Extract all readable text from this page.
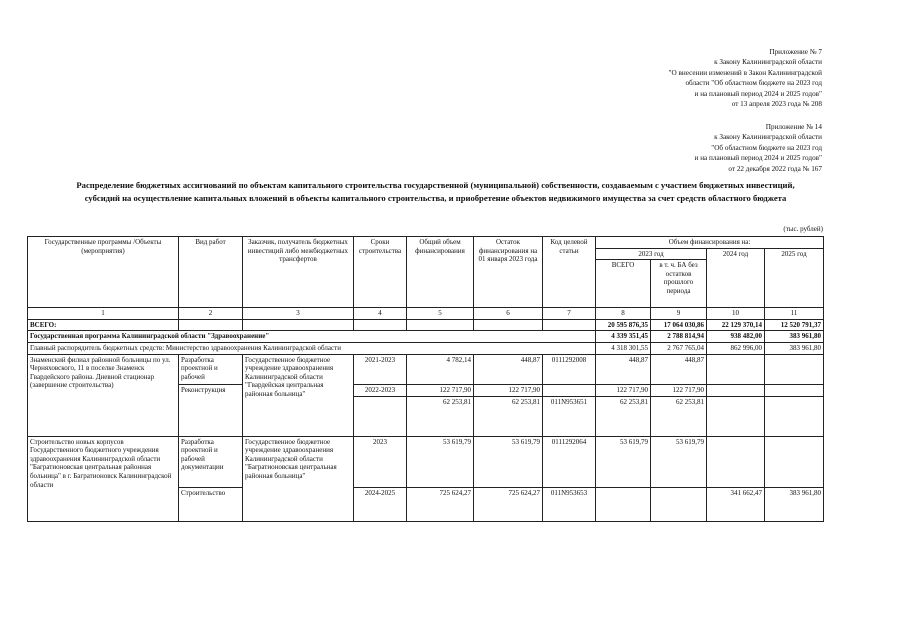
Приложение № 7
к Закону Калининградской области
"О внесении изменений в Закон Калининградской
области "Об областном бюджете на 2023 год
и на плановый период 2024 и 2025 годов"
от 13 апреля 2023 года № 208
Приложение № 14
к Закону Калининградской области
"Об областном бюджете на 2023 год
и на плановый период 2024 и 2025 годов"
от 22 декабря 2022 года № 167
Распределение бюджетных ассигнований по объектам капитального строительства государственной (муниципальной) собственности, создаваемым с участием бюджетных инвестиций,
субсидий на осуществление капитальных вложений в объекты капитального строительства, и приобретение объектов недвижимого имущества за счет средств областного бюджета
(тыс. рублей)
Государственные программы /Объекты (мероприятия)	Вид работ	Заказчик, получатель бюджетных инвестиций либо межбюджетных трансфертов	Сроки строительства	Общий объем финансирования	Остаток финансирования на 01 января 2023 года	Код целевой статьи	Объем финансирования на:			
							2023 год		2024 год	2025 год
							ВСЕГО	в т. ч. БА без остатков прошлого периода		
1	2	3	4	5	6	7	8	9	10	11
ВСЕГО:							20 595 876,35	17 064 030,86	22 129 370,14	12 520 791,37
Государственная программа Калининградской области "Здравоохранение"							4 339 351,45	2 788 814,94	938 482,00	383 961,80
Главный распорядитель бюджетных средств: Министерство здравоохранения Калининградской области							4 318 301,55	2 767 765,04	862 996,00	383 961,80
Знаменский филиал районной больницы по ул. Черняховского, 11 в поселке Знаменск Гвардейского района. Дневной стационар (завершение строительства)	Разработка проектной и рабочей	Государственное бюджетное учреждение здравоохранения Калининградской области "Гвардейская центральная районная больница"	2021-2023	4 782,14	448,87	0111292008	448,87	448,87		
	Реконструкция		2022-2023	122 717,90	122 717,90		122 717,90	122 717,90		
				62 253,81	62 253,81	011N953651	62 253,81	62 253,81		
Строительство новых корпусов Государственного бюджетного учреждения здравоохранения Калининградской области "Багратионовская центральная районная больница" в г. Багратионовск Калининградской области	Разработка проектной и рабочей документации	Государственное бюджетное учреждение здравоохранения Калининградской области "Багратионовская центральная районная больница"	2023	53 619,79	53 619,79	0111292064	53 619,79	53 619,79		
	Строительство		2024-2025	725 624,27	725 624,27	011N953653			341 662,47	383 961,80
